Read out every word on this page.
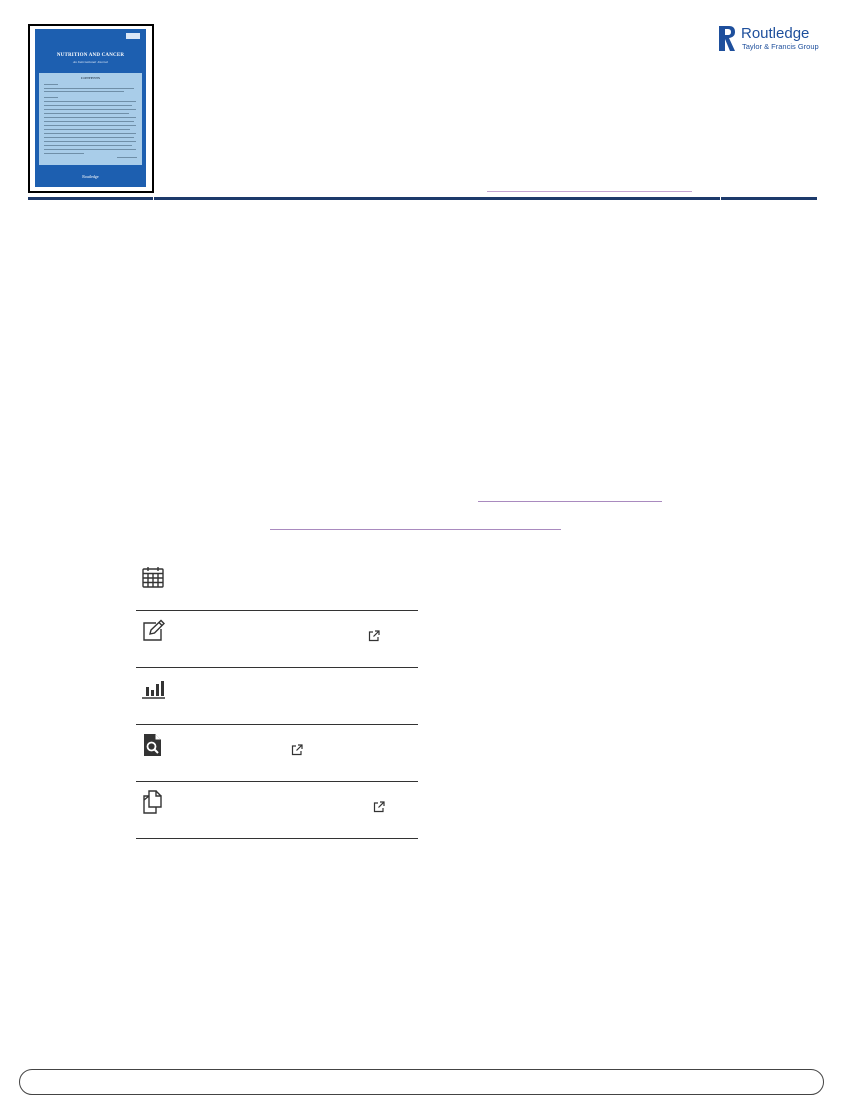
NUTRITION AND CANCER
An International Journal
CONTENTS
Routledge
Routledge
Taylor & Francis Group
